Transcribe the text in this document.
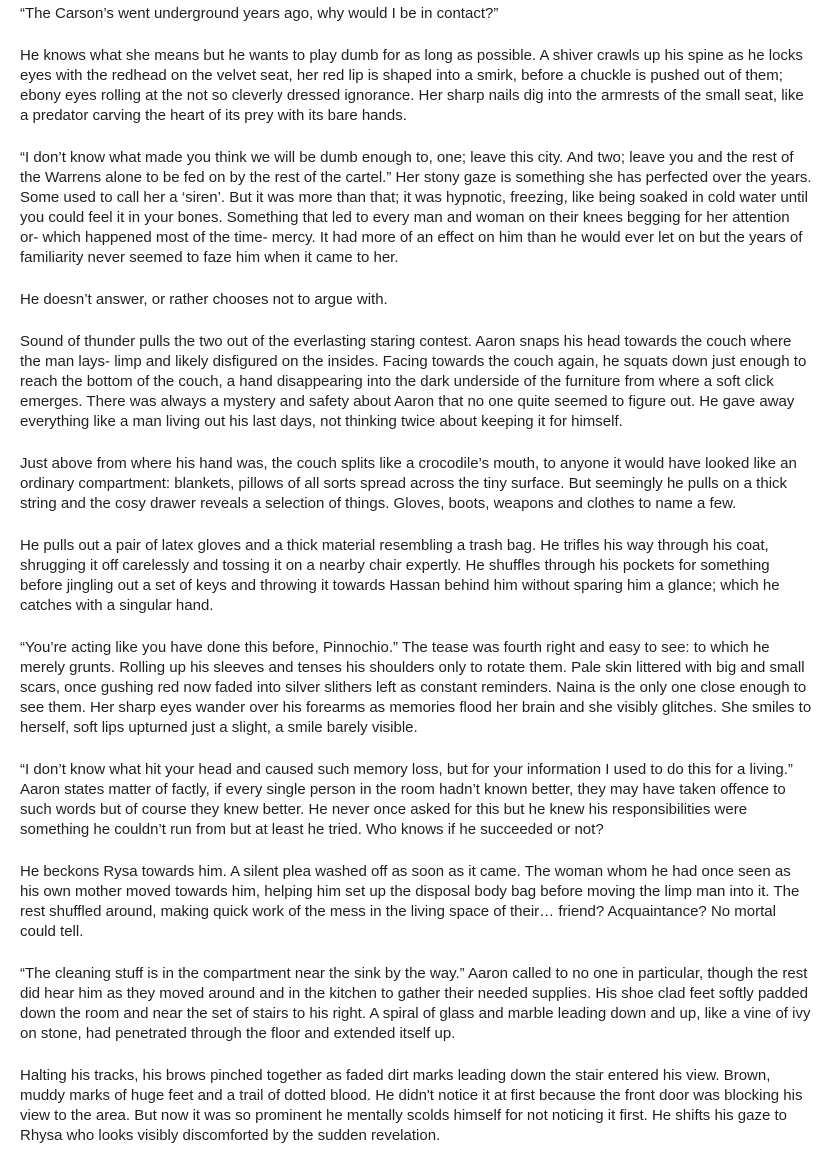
“The Carson’s went underground years ago, why would I be in contact?”

He knows what she means but he wants to play dumb for as long as possible. A shiver crawls up his spine as he locks eyes with the redhead on the velvet seat, her red lip is shaped into a smirk, before a chuckle is pushed out of them; ebony eyes rolling at the not so cleverly dressed ignorance. Her sharp nails dig into the armrests of the small seat, like a predator carving the heart of its prey with its bare hands.

“I don’t know what made you think we will be dumb enough to, one; leave this city. And two; leave you and the rest of the Warrens alone to be fed on by the rest of the cartel.” Her stony gaze is something she has perfected over the years. Some used to call her a ‘siren’. But it was more than that; it was hypnotic, freezing, like being soaked in cold water until you could feel it in your bones. Something that led to every man and woman on their knees begging for her attention or- which happened most of the time- mercy. It had more of an effect on him than he would ever let on but the years of familiarity never seemed to faze him when it came to her.

He doesn’t answer, or rather chooses not to argue with.

Sound of thunder pulls the two out of the everlasting staring contest. Aaron snaps his head towards the couch where the man lays- limp and likely disfigured on the insides. Facing towards the couch again, he squats down just enough to reach the bottom of the couch, a hand disappearing into the dark underside of the furniture from where a soft click emerges. There was always a mystery and safety about Aaron that no one quite seemed to figure out. He gave away everything like a man living out his last days, not thinking twice about keeping it for himself.

Just above from where his hand was, the couch splits like a crocodile’s mouth, to anyone it would have looked like an ordinary compartment: blankets, pillows of all sorts spread across the tiny surface. But seemingly he pulls on a thick string and the cosy drawer reveals a selection of things. Gloves, boots, weapons and clothes to name a few.

He pulls out a pair of latex gloves and a thick material resembling a trash bag. He trifles his way through his coat, shrugging it off carelessly and tossing it on a nearby chair expertly. He shuffles through his pockets for something before jingling out a set of keys and throwing it towards Hassan behind him without sparing him a glance; which he catches with a singular hand.

“You’re acting like you have done this before, Pinnochio.” The tease was fourth right and easy to see: to which he merely grunts. Rolling up his sleeves and tenses his shoulders only to rotate them. Pale skin littered with big and small scars, once gushing red now faded into silver slithers left as constant reminders. Naina is the only one close enough to see them. Her sharp eyes wander over his forearms as memories flood her brain and she visibly glitches. She smiles to herself, soft lips upturned just a slight, a smile barely visible.

“I don’t know what hit your head and caused such memory loss, but for your information I used to do this for a living.” Aaron states matter of factly, if every single person in the room hadn’t known better, they may have taken offence to such words but of course they knew better. He never once asked for this but he knew his responsibilities were something he couldn’t run from but at least he tried. Who knows if he succeeded or not?

He beckons Rysa towards him. A silent plea washed off as soon as it came. The woman whom he had once seen as his own mother moved towards him, helping him set up the disposal body bag before moving the limp man into it. The rest shuffled around, making quick work of the mess in the living space of their… friend? Acquaintance? No mortal could tell.

“The cleaning stuff is in the compartment near the sink by the way.” Aaron called to no one in particular, though the rest did hear him as they moved around and in the kitchen to gather their needed supplies. His shoe clad feet softly padded down the room and near the set of stairs to his right. A spiral of glass and marble leading down and up, like a vine of ivy on stone, had penetrated through the floor and extended itself up.

Halting his tracks, his brows pinched together as faded dirt marks leading down the stair entered his view. Brown, muddy marks of huge feet and a trail of dotted blood. He didn't notice it at first because the front door was blocking his view to the area. But now it was so prominent he mentally scolds himself for not noticing it first. He shifts his gaze to Rhysa who looks visibly discomforted by the sudden revelation.
